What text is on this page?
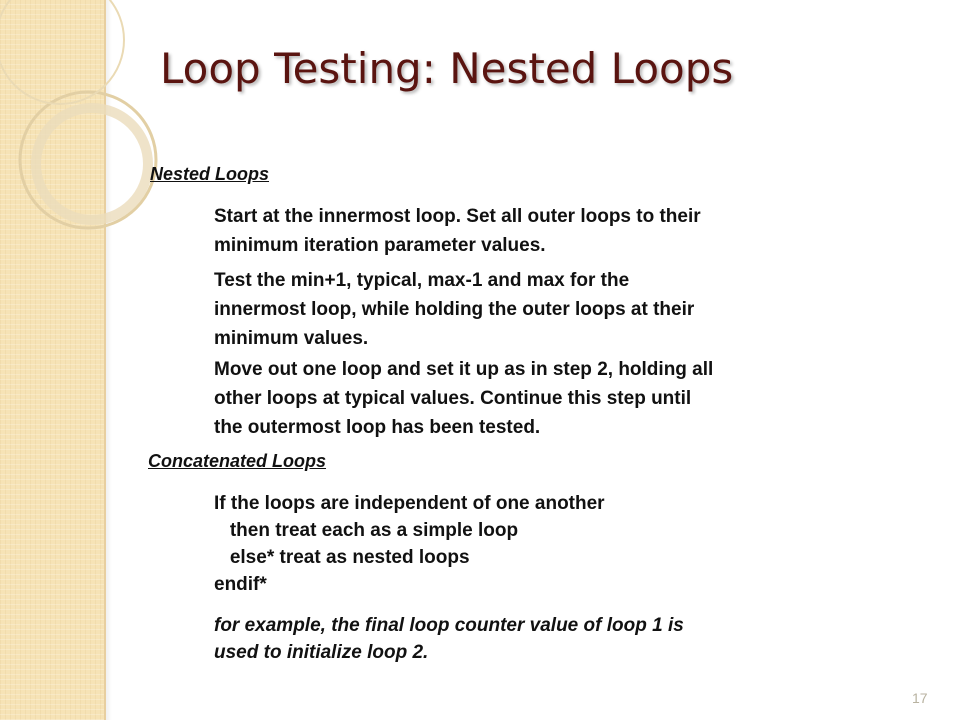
Loop Testing: Nested Loops
Nested Loops

Start at the innermost loop. Set all outer loops to their
minimum iteration parameter values.

Test the min+1, typical, max-1 and max for the
innermost loop, while holding the outer loops at their
minimum values.

Move out one loop and set it up as in step 2, holding all
other loops at typical values. Continue this step until
the outermost loop has been tested.

Concatenated Loops
If the loops are independent of one another
then treat each as a simple loop
else* treat as nested loops
endif*

for example, the final loop counter value of loop 1 is
used to initialize loop 2.

17
